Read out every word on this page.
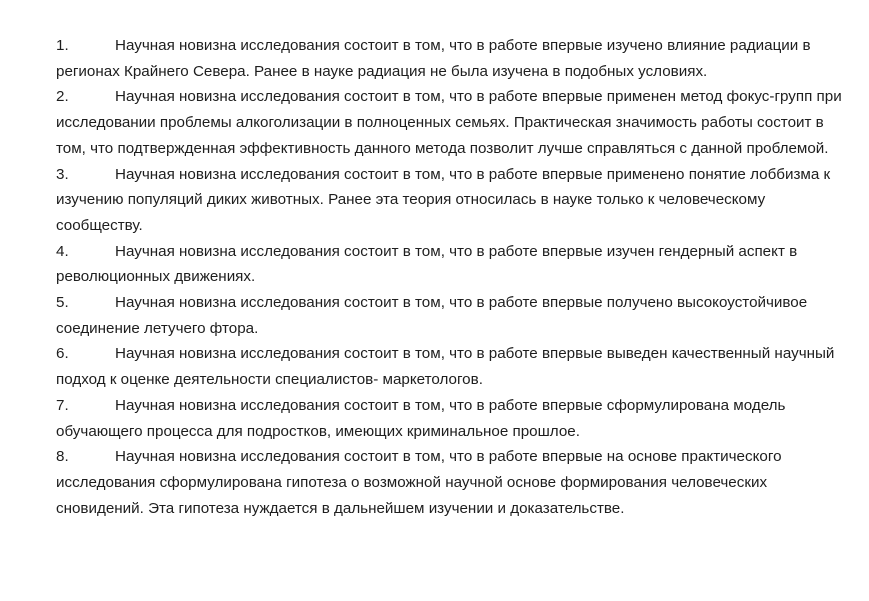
1.	Научная новизна исследования состоит в том, что в работе впервые изучено влияние радиации в регионах Крайнего Севера. Ранее в науке радиация не была изучена в подобных условиях.

2.	Научная новизна исследования состоит в том, что в работе впервые применен метод фокус-групп при исследовании проблемы алкоголизации в полноценных семьях. Практическая значимость работы состоит в том, что подтвержденная эффективность данного метода позволит лучше справляться с данной проблемой.

3.	Научная новизна исследования состоит в том, что в работе впервые применено понятие лоббизма к изучению популяций диких животных. Ранее эта теория относилась в науке только к человеческому сообществу.

4.	Научная новизна исследования состоит в том, что в работе впервые изучен гендерный аспект в революционных движениях.

5.	Научная новизна исследования состоит в том, что в работе впервые получено высокоустойчивое соединение летучего фтора.

6.	Научная новизна исследования состоит в том, что в работе впервые выведен качественный научный подход к оценке деятельности специалистов- маркетологов.

7.	Научная новизна исследования состоит в том, что в работе впервые сформулирована модель обучающего процесса для подростков, имеющих криминальное прошлое.

8.	Научная новизна исследования состоит в том, что в работе впервые на основе практического исследования сформулирована гипотеза о возможной научной основе формирования человеческих сновидений. Эта гипотеза нуждается в дальнейшем изучении и доказательстве.
